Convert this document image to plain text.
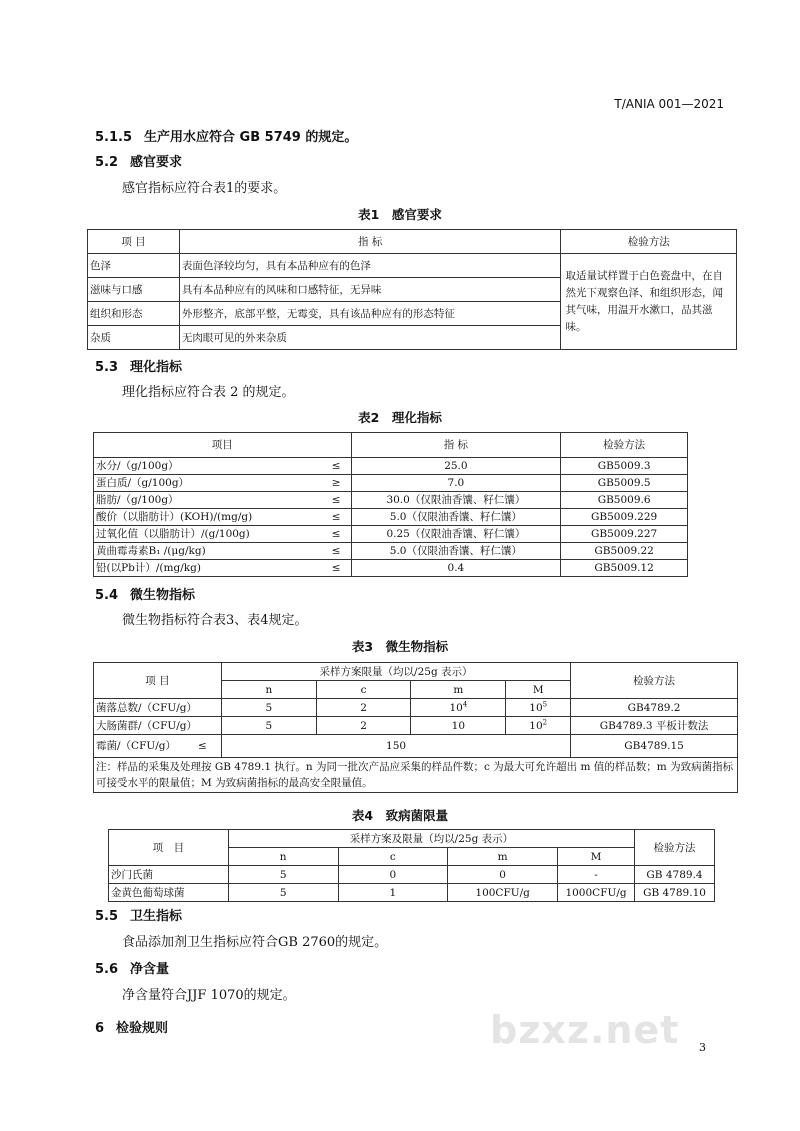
T/ANIA 001—2021
5.1.5 生产用水应符合 GB 5749 的规定。
5.2 感官要求
感官指标应符合表1的要求。
表1　感官要求
项 目	指 标	检验方法
色泽	表面色泽较均匀，具有本品种应有的色泽	取适量试样置于白色瓷盘中，在自然光下观察色泽、和组织形态，闻其气味，用温开水漱口，品其滋味。
滋味与口感	具有本品种应有的风味和口感特征，无异味	
组织和形态	外形整齐，底部平整，无霉变，具有该品种应有的形态特征	
杂质	无肉眼可见的外来杂质	
5.3 理化指标
理化指标应符合表 2 的规定。
表2　理化指标
项目	指 标	检验方法
水分/（g/100g） ≤	25.0	GB5009.3
蛋白质/（g/100g） ≥	7.0	GB5009.5
脂肪/（g/100g） ≤	30.0（仅限油香馕、籽仁馕）	GB5009.6
酸价（以脂肪计）(KOH)/(mg/g) ≤	5.0（仅限油香馕、籽仁馕）	GB5009.229
过氧化值（以脂肪计）/(g/100g) ≤	0.25（仅限油香馕、籽仁馕）	GB5009.227
黄曲霉毒素B₁ /(μg/kg) ≤	5.0（仅限油香馕、籽仁馕）	GB5009.22
铅(以Pb计）/(mg/kg) ≤	0.4	GB5009.12
5.4 微生物指标
微生物指标符合表3、表4规定。
表3　微生物指标
项 目	采样方案限量（均以/25g 表示）				检验方法
	n	c	m	M	
菌落总数/（CFU/g）	5	2	$10^4$	$10^5$	GB4789.2
大肠菌群/（CFU/g）	5	2	10	$10^2$	GB4789.3 平板计数法
霉菌/（CFU/g） ≤	150				GB4789.15
注：样品的采集及处理按 GB 4789.1 执行。n 为同一批次产品应采集的样品件数；c 为最大可允许超出 m 值的样品数；m 为致病菌指标可接受水平的限量值；M 为致病菌指标的最高安全限量值。					
表4　致病菌限量
项　目	采样方案及限量（均以/25g 表示）				检验方法
	n	c	m	M	
沙门氏菌	5	0	0	-	GB 4789.4
金黄色葡萄球菌	5	1	100CFU/g	1000CFU/g	GB 4789.10
5.5 卫生指标
食品添加剂卫生指标应符合GB 2760的规定。
5.6 净含量
净含量符合JJF 1070的规定。
6 检验规则	bzxz.net 3
